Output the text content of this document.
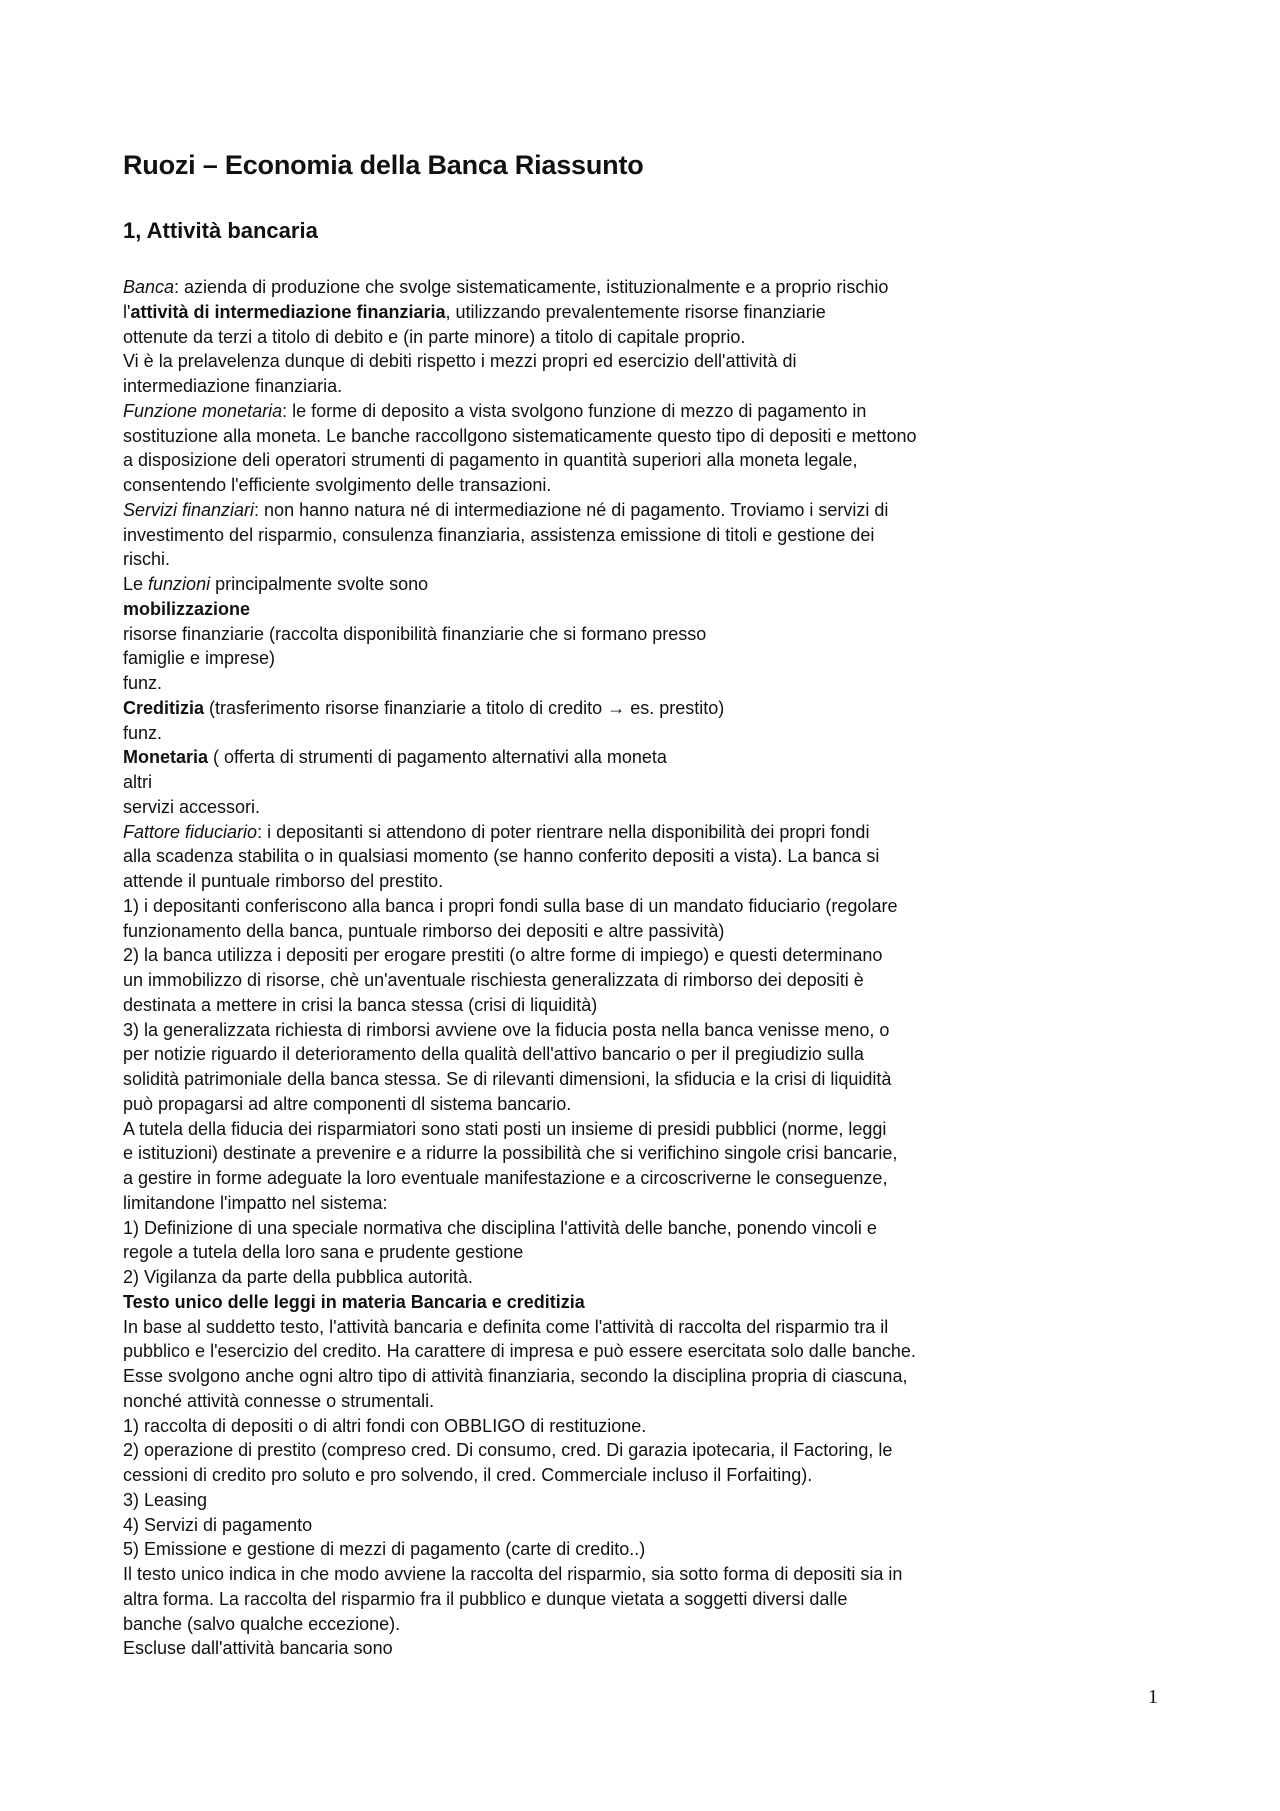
Ruozi – Economia della Banca Riassunto
1, Attività bancaria
Banca: azienda di produzione che svolge sistematicamente, istituzionalmente e a proprio rischio
l'attività di intermediazione finanziaria, utilizzando prevalentemente risorse finanziarie
ottenute da terzi a titolo di debito e (in parte minore) a titolo di capitale proprio.
Vi è la prelavelenza dunque di debiti rispetto i mezzi propri ed esercizio dell'attività di
intermediazione finanziaria.
Funzione monetaria: le forme di deposito a vista svolgono funzione di mezzo di pagamento in
sostituzione alla moneta. Le banche raccollgono sistematicamente questo tipo di depositi e mettono
a disposizione deli operatori strumenti di pagamento in quantità superiori alla moneta legale,
consentendo l'efficiente svolgimento delle transazioni.
Servizi finanziari: non hanno natura né di intermediazione né di pagamento. Troviamo i servizi di
investimento del risparmio, consulenza finanziaria, assistenza emissione di titoli e gestione dei
rischi.
Le funzioni principalmente svolte sono
mobilizzazione
risorse finanziarie (raccolta disponibilità finanziarie che si formano presso
famiglie e imprese)
funz.
Creditizia (trasferimento risorse finanziarie a titolo di credito → es. prestito)
funz.
Monetaria ( offerta di strumenti di pagamento alternativi alla moneta
altri
servizi accessori.
Fattore fiduciario: i depositanti si attendono di poter rientrare nella disponibilità dei propri fondi
alla scadenza stabilita o in qualsiasi momento (se hanno conferito depositi a vista). La banca si
attende il puntuale rimborso del prestito.
1) i depositanti conferiscono alla banca i propri fondi sulla base di un mandato fiduciario (regolare
funzionamento della banca, puntuale rimborso dei depositi e altre passività)
2) la banca utilizza i depositi per erogare prestiti (o altre forme di impiego) e questi determinano
un immobilizzo di risorse, chè un'aventuale rischiesta generalizzata di rimborso dei depositi è
destinata a mettere in crisi la banca stessa (crisi di liquidità)
3) la generalizzata richiesta di rimborsi avviene ove la fiducia posta nella banca venisse meno, o
per notizie riguardo il deterioramento della qualità dell'attivo bancario o per il pregiudizio sulla
solidità patrimoniale della banca stessa. Se di rilevanti dimensioni, la sfiducia e la crisi di liquidità
può propagarsi ad altre componenti dl sistema bancario.
A tutela della fiducia dei risparmiatori sono stati posti un insieme di presidi pubblici (norme, leggi
e istituzioni) destinate a prevenire e a ridurre la possibilità che si verifichino singole crisi bancarie,
a gestire in forme adeguate la loro eventuale manifestazione e a circoscriverne le conseguenze,
limitandone l'impatto nel sistema:
1) Definizione di una speciale normativa che disciplina l'attività delle banche, ponendo vincoli e
regole a tutela della loro sana e prudente gestione
2) Vigilanza da parte della pubblica autorità.
Testo unico delle leggi in materia Bancaria e creditizia
In base al suddetto testo, l'attività bancaria e definita come l'attività di raccolta del risparmio tra il
pubblico e l'esercizio del credito. Ha carattere di impresa e può essere esercitata solo dalle banche.
Esse svolgono anche ogni altro tipo di attività finanziaria, secondo la disciplina propria di ciascuna,
nonché attività connesse o strumentali.
1) raccolta di depositi o di altri fondi con OBBLIGO di restituzione.
2) operazione di prestito (compreso cred. Di consumo, cred. Di garazia ipotecaria, il Factoring, le
cessioni di credito pro soluto e pro solvendo, il cred. Commerciale incluso il Forfaiting).
3) Leasing
4) Servizi di pagamento
5) Emissione e gestione di mezzi di pagamento (carte di credito..)
Il testo unico indica in che modo avviene la raccolta del risparmio, sia sotto forma di depositi sia in
altra forma. La raccolta del risparmio fra il pubblico e dunque vietata a soggetti diversi dalle
banche (salvo qualche eccezione).
Escluse dall'attività bancaria sono
1
